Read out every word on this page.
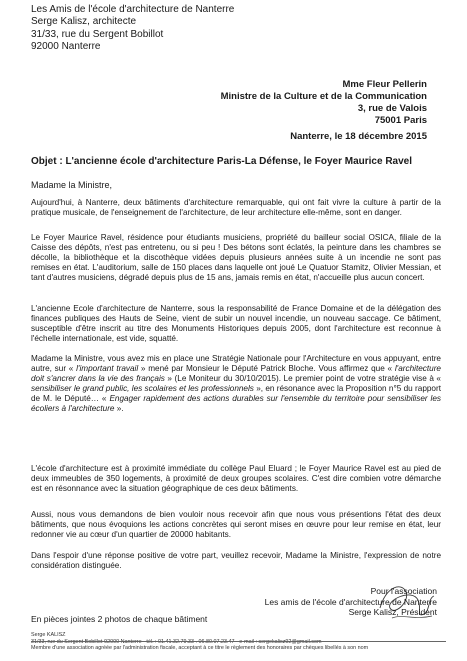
Les Amis de l'école d'architecture de Nanterre
Serge Kalisz, architecte
31/33, rue du Sergent Bobillot
92000 Nanterre
Mme Fleur Pellerin
Ministre de la Culture et de la Communication
3, rue de Valois
75001 Paris
Nanterre, le 18 décembre 2015
Objet : L'ancienne école d'architecture Paris-La Défense, le Foyer Maurice Ravel
Madame la Ministre,
Aujourd'hui, à Nanterre, deux bâtiments d'architecture remarquable, qui ont fait vivre la culture à partir de la pratique musicale, de l'enseignement de l'architecture, de leur architecture elle-même, sont en danger.
Le Foyer Maurice Ravel, résidence pour étudiants musiciens, propriété du bailleur social OSICA, filiale de la Caisse des dépôts, n'est pas entretenu, ou si peu ! Des bétons sont éclatés, la peinture dans les chambres se décolle, la bibliothèque et la discothèque vidées depuis plusieurs années suite à un incendie ne sont pas remises en état. L'auditorium, salle de 150 places dans laquelle ont joué Le Quatuor Stamitz, Olivier Messian, et tant d'autres musiciens, dégradé depuis plus de 15 ans, jamais remis en état, n'accueille plus aucun concert.
L'ancienne Ecole d'architecture de Nanterre, sous la responsabilité de France Domaine et de la délégation des finances publiques des Hauts de Seine, vient de subir un nouvel incendie, un nouveau saccage. Ce bâtiment, susceptible d'être inscrit au titre des Monuments Historiques depuis 2005, dont l'architecture est reconnue à l'échelle internationale, est vide, squatté.
Madame la Ministre, vous avez mis en place une Stratégie Nationale pour l'Architecture en vous appuyant, entre autre, sur « l'important travail » mené par Monsieur le Député Patrick Bloche. Vous affirmez que « l'architecture doit s'ancrer dans la vie des français » (Le Moniteur du 30/10/2015). Le premier point de votre stratégie vise à « sensibiliser le grand public, les scolaires et les professionnels », en résonance avec la Proposition n°5 du rapport de M. le Député… « Engager rapidement des actions durables sur l'ensemble du territoire pour sensibiliser les écoliers à l'architecture ».
L'école d'architecture est à proximité immédiate du collège Paul Eluard ; le Foyer Maurice Ravel est au pied de deux immeubles de 350 logements, à proximité de deux groupes scolaires. C'est dire combien votre démarche est en résonnance avec la situation géographique de ces deux bâtiments.
Aussi, nous vous demandons de bien vouloir nous recevoir afin que nous vous présentions l'état des deux bâtiments, que nous évoquions les actions concrètes qui seront mises en œuvre pour leur remise en état, leur redonner vie au cœur d'un quartier de 20000 habitants.
Dans l'espoir d'une réponse positive de votre part, veuillez recevoir, Madame la Ministre, l'expression de notre considération distinguée.
Pour l'association
Les amis de l'école d'architecture de Nanterre
Serge Kalisz, Président
En pièces jointes 2 photos de chaque bâtiment
Serge KALISZ
31/33, rue du Sergent Bobillot-92000 Nanterre - tél. : 01.41.32.79.33 . 06.80.07.23.47 - e-mail : sergekalisz92@gmail.com
Membre d'une association agréée par l'administration fiscale, acceptant à ce titre le règlement des honoraires par chèques libellés à son nom
